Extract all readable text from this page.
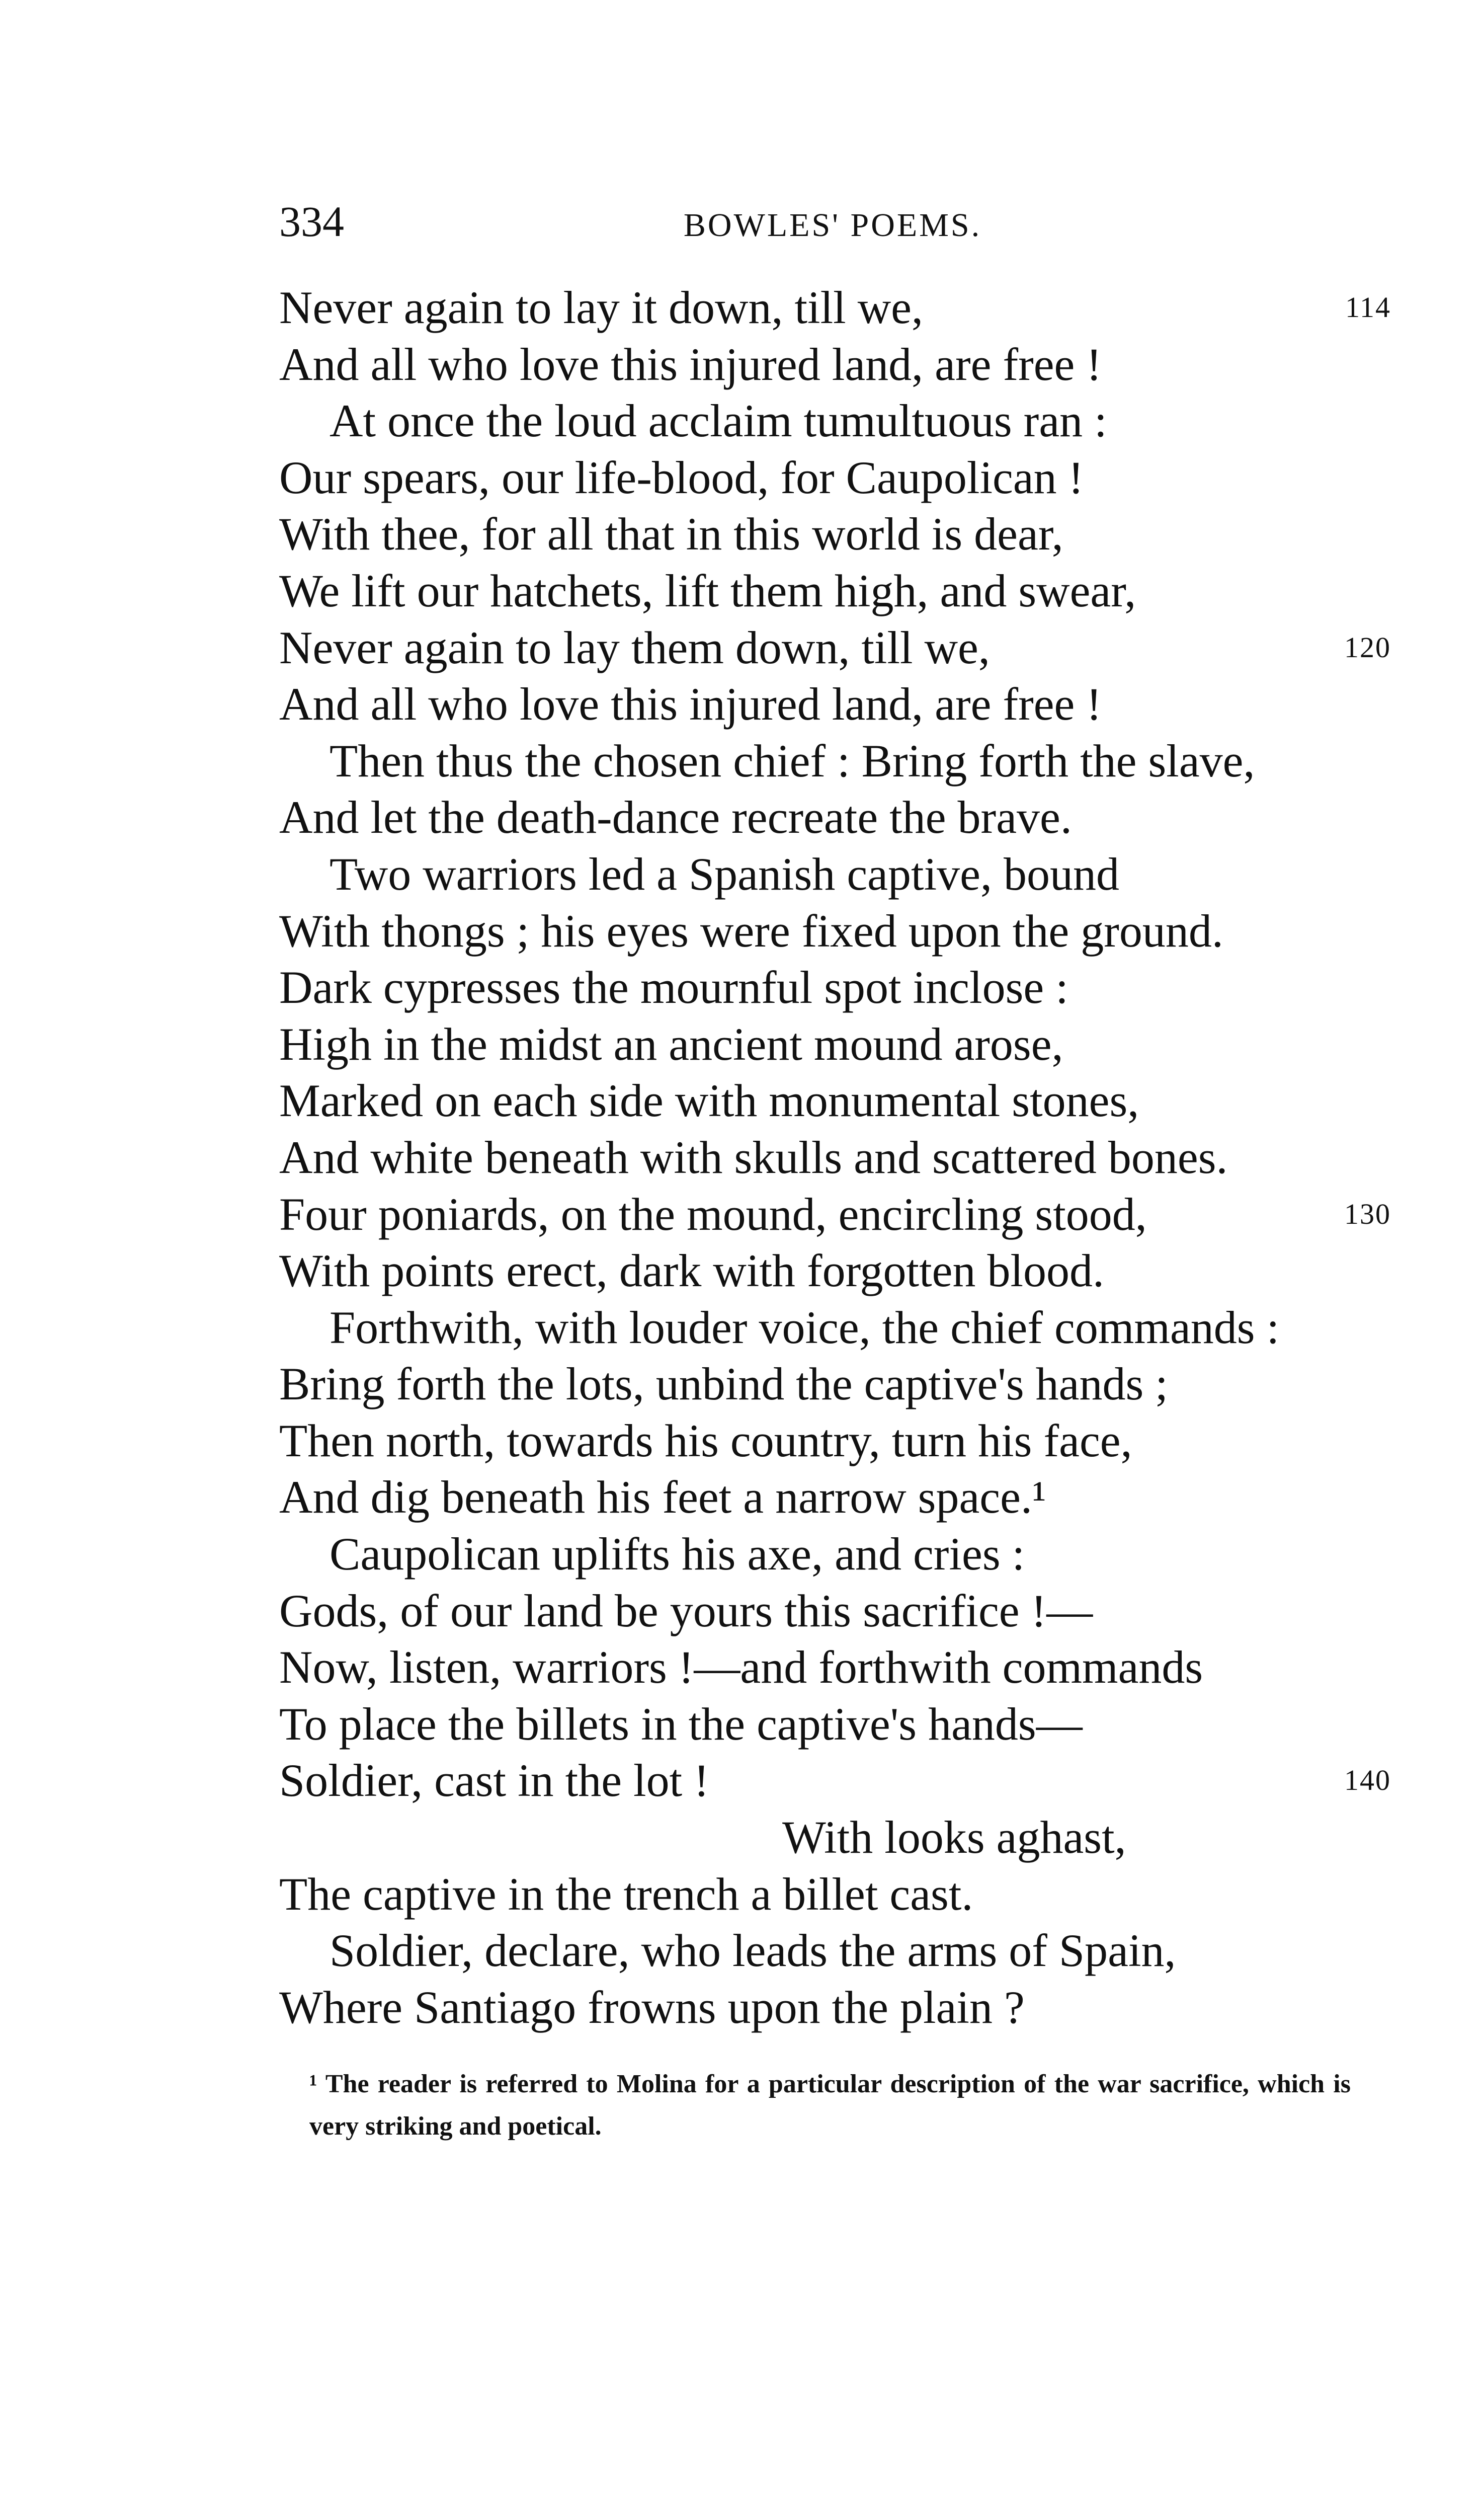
334	BOWLES' POEMS.
Never again to lay it down, till we,	114
And all who love this injured land, are free !
At once the loud acclaim tumultuous ran :
Our spears, our life-blood, for Caupolican !
With thee, for all that in this world is dear,
We lift our hatchets, lift them high, and swear,
Never again to lay them down, till we,	120
And all who love this injured land, are free !
Then thus the chosen chief : Bring forth the slave,
And let the death-dance recreate the brave.
Two warriors led a Spanish captive, bound
With thongs ; his eyes were fixed upon the ground.
Dark cypresses the mournful spot inclose :
High in the midst an ancient mound arose,
Marked on each side with monumental stones,
And white beneath with skulls and scattered bones.
Four poniards, on the mound, encircling stood,	130
With points erect, dark with forgotten blood.
Forthwith, with louder voice, the chief commands :
Bring forth the lots, unbind the captive's hands ;
Then north, towards his country, turn his face,
And dig beneath his feet a narrow space.¹
Caupolican uplifts his axe, and cries :
Gods, of our land be yours this sacrifice !—
Now, listen, warriors !—and forthwith commands
To place the billets in the captive's hands—
Soldier, cast in the lot !	140
With looks aghast,
The captive in the trench a billet cast.
Soldier, declare, who leads the arms of Spain,
Where Santiago frowns upon the plain ?
¹ The reader is referred to Molina for a particular description of the war sacrifice, which is very striking and poetical.
